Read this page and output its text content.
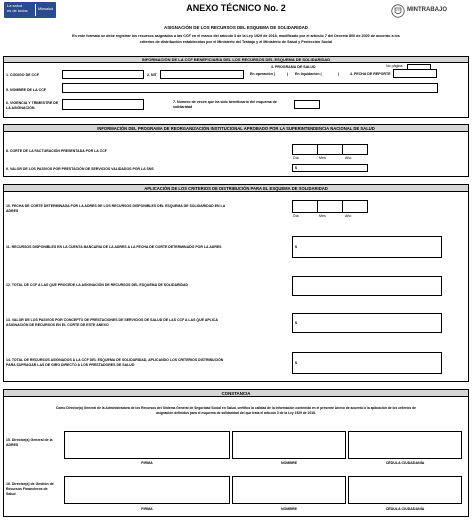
La salud
es de todos	Minsalud	ANEXO TÉCNICO No. 2	MINTRABAJO
ASIGNACIÓN DE LOS RECURSOS DEL ESQUEMA DE SOLIDARIDAD
En este formato se debe registrar los recursos asignados a las CCF en el marco del artículo 3 de la Ley 1929 de 2018, modificado por el artículo 7 del Decreto 800 de 2020 de acuerdo a los
criterios de distribución establecidos por el Ministerio del Trabajo y el Ministerio de Salud y Protección Social
INFORMACIÓN DE LA CCF BENEFICIARIA DEL LOS RECURSOS DEL ESQUEMA DE SOLIDARIDAD
No página
1. CODIGO DE CCF	2. NIT
3. PROGRAMA DE SALUD
En operación (	) En liquidación (	)	4. FECHA DE REPORTE
5. NOMBRE DE LA CCF
6. VIGENCIA Y TRIMESTRE DE
LA ASIGNACIÓN
7. Número de veces que ha sido beneficiario del esquema de
solidaridad
INFORMACIÓN DEL PROGRAMA DE REORGANIZACIÓN INSTITUCIONAL APROBADO POR LA SUPERINTENDENCIA NACIONAL DE SALUD
8. CORTE DE LA FACTURACIÓN PRESENTADA POR LA CCF
Día	Mes	Año
9. VALOR DE LOS PASIVOS POR PRESTACIÓN DE SERVICIOS VALIDADOS POR LA SNS	$
APLICACIÓN DE LOS CRITERIOS DE DISTRIBUCIÓN PARA EL ESQUEMA DE SOLIDARIDAD
10. FECHA DE CORTE DETERMINADA POR LA ADRES DE LOS RECURSOS DISPONIBLES DEL ESQUEMA DE SOLIDARIDAD EN LA
ADRES
Día	Mes	Año
11. RECURSOS DISPONIBLES EN LA CUENTA BANCARIA DE LA ADRES A LA FECHA DE CORTE DETERMINADO POR LA ADRES	$
12. TOTAL DE CCF A LAS QUE PROCEDE LA ASIGNACIÓN DE RECURSOS DEL ESQUEMA DE SOLIDARIDAD
13. VALOR DE LOS PASIVOS POR CONCEPTO DE PRESTACIONES DE SERVICIOS DE SALUD DE LAS CCF A LAS QUE APLICA
ASIGNACIÓN DE RECURSOS EN EL CORTE DE ESTE ANEXO	$
14. TOTAL DE RECURSOS ASIGNADOS A LA CCF DEL ESQUEMA DE SOLIDARIDAD, APLICANDO LOS CRITERIOS DISTRIBUCIÓN
PARA SUFRAGAR LAS DE GIRO DIRECTO A LOS PRESTADORES DE SALUD	$
CONSTANCIA
Como Director(a) General de la Administradora de los Recursos del Sistema General de Seguridad Social en Salud, certifico la calidad de la información contenida en el presente Anexo de acuerdo a la aplicación de los criterios de
asignación definidos para el esquema de solidaridad del que trata el artículo 3 de la Ley 1929 de 2018.
15. Director(a) General de la
ADRES
FIRMA	NOMBRE	CÉDULA CIUDADANÍA
16. Director(a) de Gestión de
Recursos Financieros de
Salud
FIRMA	NOMBRE	CÉDULA CIUDADANÍA
